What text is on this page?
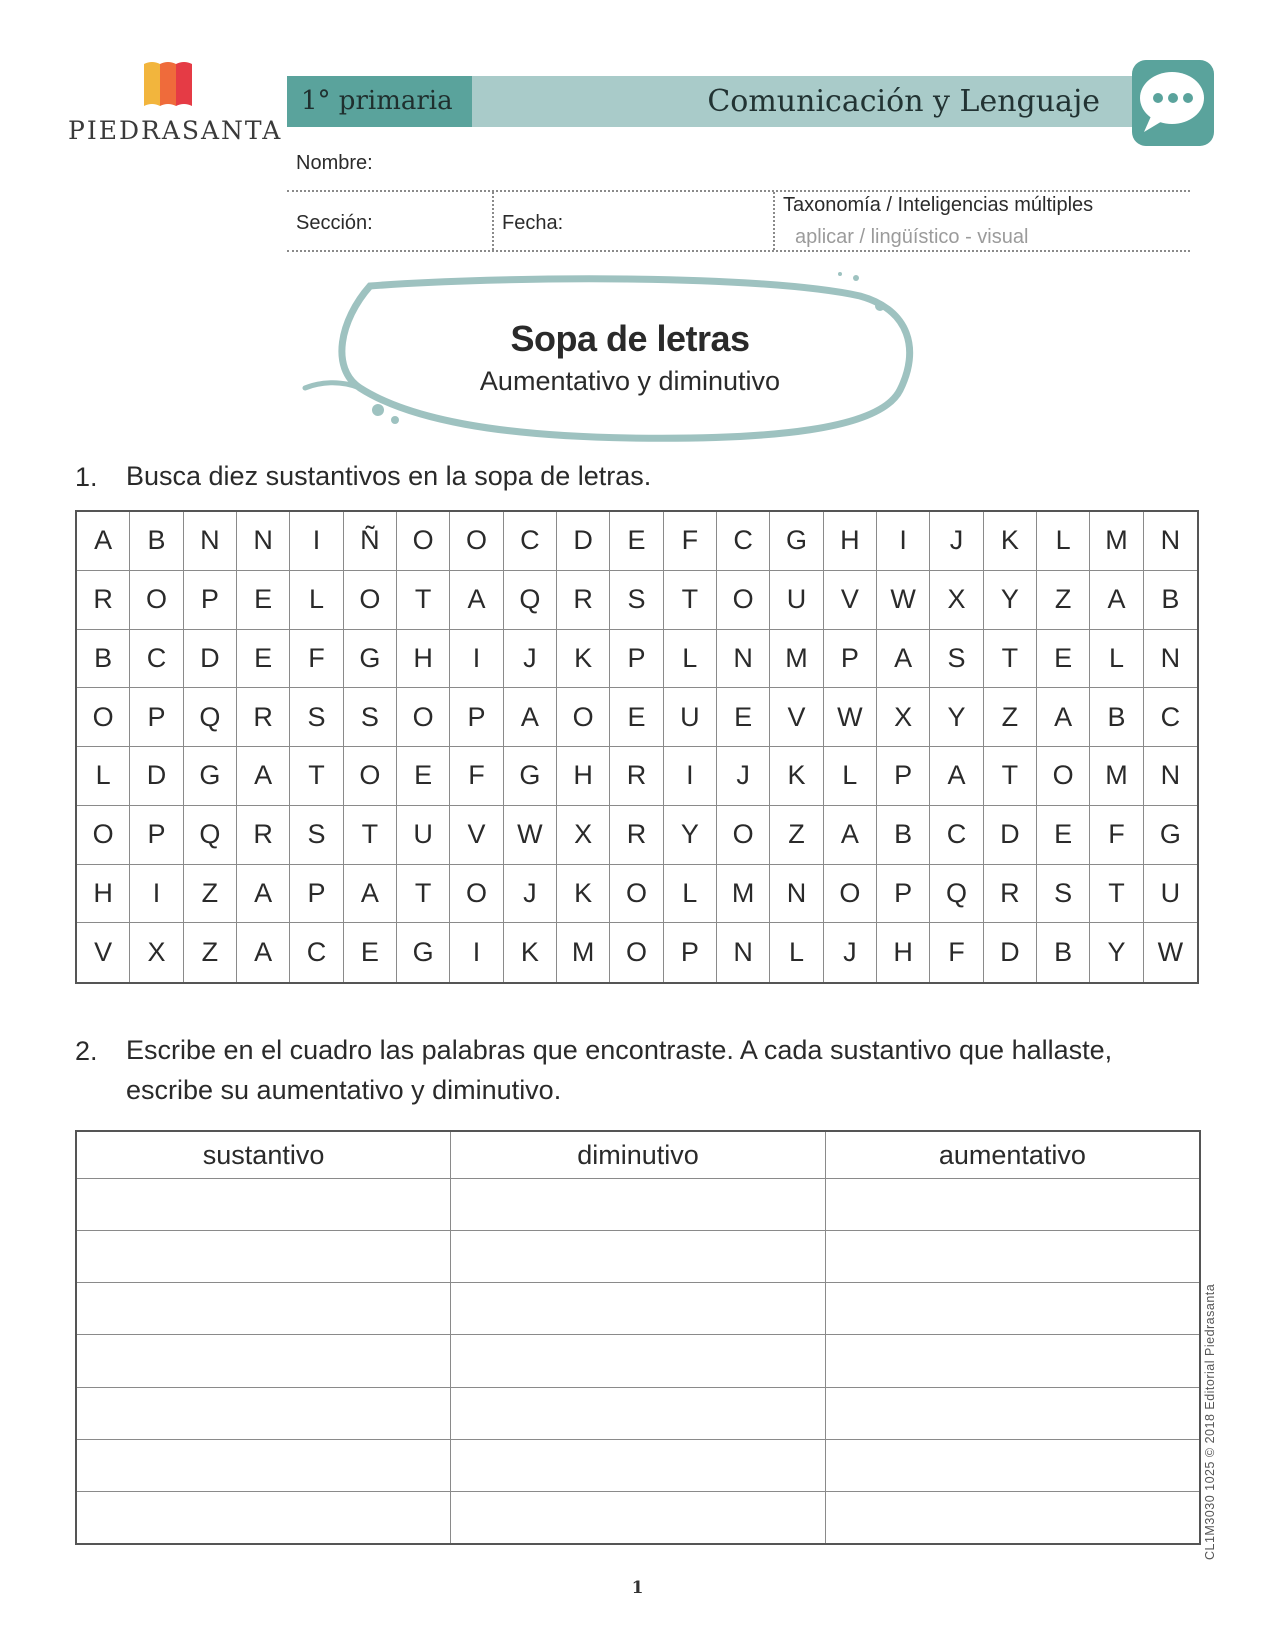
PIEDRASANTA
1° primaria	Comunicación y Lenguaje
Nombre:
Sección:	Fecha:
Taxonomía / Inteligencias múltiples
aplicar / lingüístico - visual
Sopa de letras
Aumentativo y diminutivo
1. Busca diez sustantivos en la sopa de letras.
A	B	N	N	I	Ñ	O	O	C	D	E	F	C	G	H	I	J	K	L	M	N
R	O	P	E	L	O	T	A	Q	R	S	T	O	U	V	W	X	Y	Z	A	B
B	C	D	E	F	G	H	I	J	K	P	L	N	M	P	A	S	T	E	L	N
O	P	Q	R	S	S	O	P	A	O	E	U	E	V	W	X	Y	Z	A	B	C
L	D	G	A	T	O	E	F	G	H	R	I	J	K	L	P	A	T	O	M	N
O	P	Q	R	S	T	U	V	W	X	R	Y	O	Z	A	B	C	D	E	F	G
H	I	Z	A	P	A	T	O	J	K	O	L	M	N	O	P	Q	R	S	T	U
V	X	Z	A	C	E	G	I	K	M	O	P	N	L	J	H	F	D	B	Y	W
2. Escribe en el cuadro las palabras que encontraste. A cada sustantivo que hallaste,
escribe su aumentativo y diminutivo.
sustantivo	diminutivo	aumentativo

CL1M3030 1025 © 2018 Editorial Piedrasanta
1
